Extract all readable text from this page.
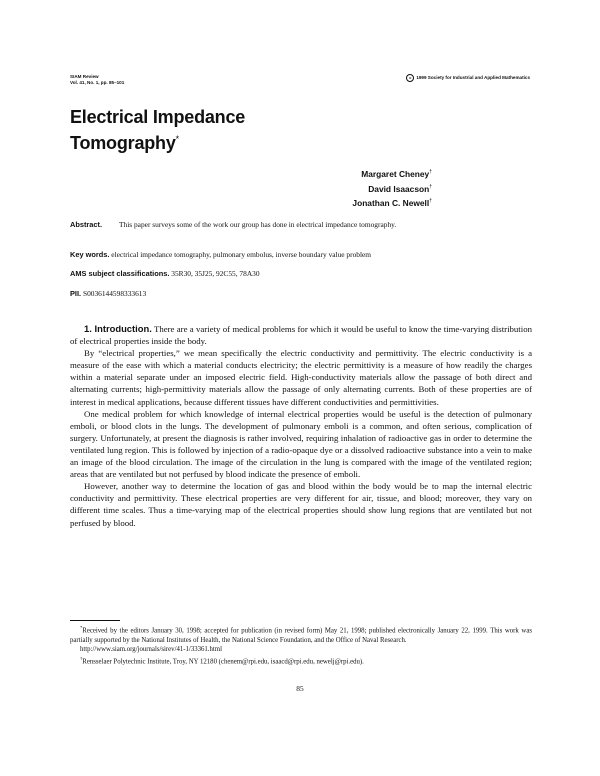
SIAM Review
Vol. 41, No. 1, pp. 85–101
c 1999 Society for Industrial and Applied Mathematics
Electrical Impedance
Tomography*
Margaret Cheney†
David Isaacson†
Jonathan C. Newell†
Abstract.	This paper surveys some of the work our group has done in electrical impedance tomography.
Key words. electrical impedance tomography, pulmonary embolus, inverse boundary value problem
AMS subject classifications. 35R30, 35J25, 92C55, 78A30
PII. S0036144598333613

1. Introduction. There are a variety of medical problems for which it would be useful to know the time-varying distribution of electrical properties inside the body.

By “electrical properties,” we mean specifically the electric conductivity and permittivity. The electric conductivity is a measure of the ease with which a material conducts electricity; the electric permittivity is a measure of how readily the charges within a material separate under an imposed electric field. High-conductivity materials allow the passage of both direct and alternating currents; high-permittivity materials allow the passage of only alternating currents. Both of these properties are of interest in medical applications, because different tissues have different conductivities and permittivities.

One medical problem for which knowledge of internal electrical properties would be useful is the detection of pulmonary emboli, or blood clots in the lungs. The development of pulmonary emboli is a common, and often serious, complication of surgery. Unfortunately, at present the diagnosis is rather involved, requiring inhalation of radioactive gas in order to determine the ventilated lung region. This is followed by injection of a radio-opaque dye or a dissolved radioactive substance into a vein to make an image of the blood circulation. The image of the circulation in the lung is compared with the image of the ventilated region; areas that are ventilated but not perfused by blood indicate the presence of emboli.

However, another way to determine the location of gas and blood within the body would be to map the internal electric conductivity and permittivity. These electrical properties are very different for air, tissue, and blood; moreover, they vary on different time scales. Thus a time-varying map of the electrical properties should show lung regions that are ventilated but not perfused by blood.

*Received by the editors January 30, 1998; accepted for publication (in revised form) May 21, 1998; published electronically January 22, 1999. This work was partially supported by the National Institutes of Health, the National Science Foundation, and the Office of Naval Research.

http://www.siam.org/journals/sirev/41-1/33361.html

†Rensselaer Polytechnic Institute, Troy, NY 12180 (chenem@rpi.edu, isaacd@rpi.edu, newelj@rpi.edu).

85
